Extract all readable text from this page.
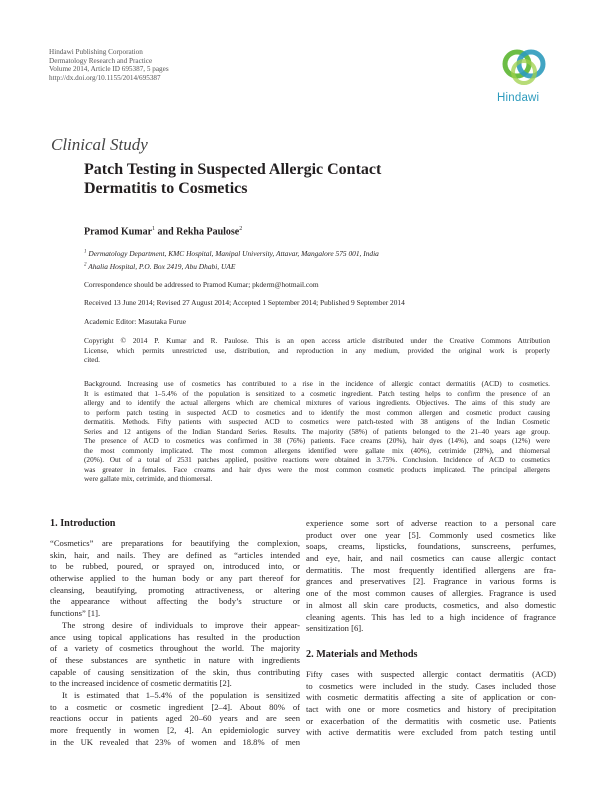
Hindawi Publishing Corporation
Dermatology Research and Practice
Volume 2014, Article ID 695387, 5 pages
http://dx.doi.org/10.1155/2014/695387
Hindawi
Clinical Study
Patch Testing in Suspected Allergic Contact
Dermatitis to Cosmetics
Pramod Kumar$^1$ and Rekha Paulose$^2$
$^1$ Dermatology Department, KMC Hospital, Manipal University, Attavar, Mangalore 575 001, India
$^2$ Ahalia Hospital, P.O. Box 2419, Abu Dhabi, UAE
Correspondence should be addressed to Pramod Kumar; pkderm@hotmail.com
Received 13 June 2014; Revised 27 August 2014; Accepted 1 September 2014; Published 9 September 2014
Academic Editor: Masutaka Furue
Copyright © 2014 P. Kumar and R. Paulose. This is an open access article distributed under the Creative Commons Attribution
License, which permits unrestricted use, distribution, and reproduction in any medium, provided the original work is properly
cited.
Background. Increasing use of cosmetics has contributed to a rise in the incidence of allergic contact dermatitis (ACD) to cosmetics.
It is estimated that 1–5.4% of the population is sensitized to a cosmetic ingredient. Patch testing helps to confirm the presence of an
allergy and to identify the actual allergens which are chemical mixtures of various ingredients. Objectives. The aims of this study are
to perform patch testing in suspected ACD to cosmetics and to identify the most common allergen and cosmetic product causing
dermatitis. Methods. Fifty patients with suspected ACD to cosmetics were patch-tested with 38 antigens of the Indian Cosmetic
Series and 12 antigens of the Indian Standard Series. Results. The majority (58%) of patients belonged to the 21–40 years age group.
The presence of ACD to cosmetics was confirmed in 38 (76%) patients. Face creams (20%), hair dyes (14%), and soaps (12%) were
the most commonly implicated. The most common allergens identified were gallate mix (40%), cetrimide (28%), and thiomersal
(20%). Out of a total of 2531 patches applied, positive reactions were obtained in 3.75%. Conclusion. Incidence of ACD to cosmetics
was greater in females. Face creams and hair dyes were the most common cosmetic products implicated. The principal allergens
were gallate mix, cetrimide, and thiomersal.
1. Introduction
“Cosmetics” are preparations for beautifying the complexion,
skin, hair, and nails. They are defined as “articles intended
to be rubbed, poured, or sprayed on, introduced into, or
otherwise applied to the human body or any part thereof for
cleansing, beautifying, promoting attractiveness, or altering
the appearance without affecting the body’s structure or
functions” [1].
The strong desire of individuals to improve their appear-
ance using topical applications has resulted in the production
of a variety of cosmetics throughout the world. The majority
of these substances are synthetic in nature with ingredients
capable of causing sensitization of the skin, thus contributing
to the increased incidence of cosmetic dermatitis [2].
It is estimated that 1–5.4% of the population is sensitized
to a cosmetic or cosmetic ingredient [2–4]. About 80% of
reactions occur in patients aged 20–60 years and are seen
more frequently in women [2, 4]. An epidemiologic survey
in the UK revealed that 23% of women and 18.8% of men
experience some sort of adverse reaction to a personal care
product over one year [5]. Commonly used cosmetics like
soaps, creams, lipsticks, foundations, sunscreens, perfumes,
and eye, hair, and nail cosmetics can cause allergic contact
dermatitis. The most frequently identified allergens are fra-
grances and preservatives [2]. Fragrance in various forms is
one of the most common causes of allergies. Fragrance is used
in almost all skin care products, cosmetics, and also domestic
cleaning agents. This has led to a high incidence of fragrance
sensitization [6].
2. Materials and Methods
Fifty cases with suspected allergic contact dermatitis (ACD)
to cosmetics were included in the study. Cases included those
with cosmetic dermatitis affecting a site of application or con-
tact with one or more cosmetics and history of precipitation
or exacerbation of the dermatitis with cosmetic use. Patients
with active dermatitis were excluded from patch testing until
